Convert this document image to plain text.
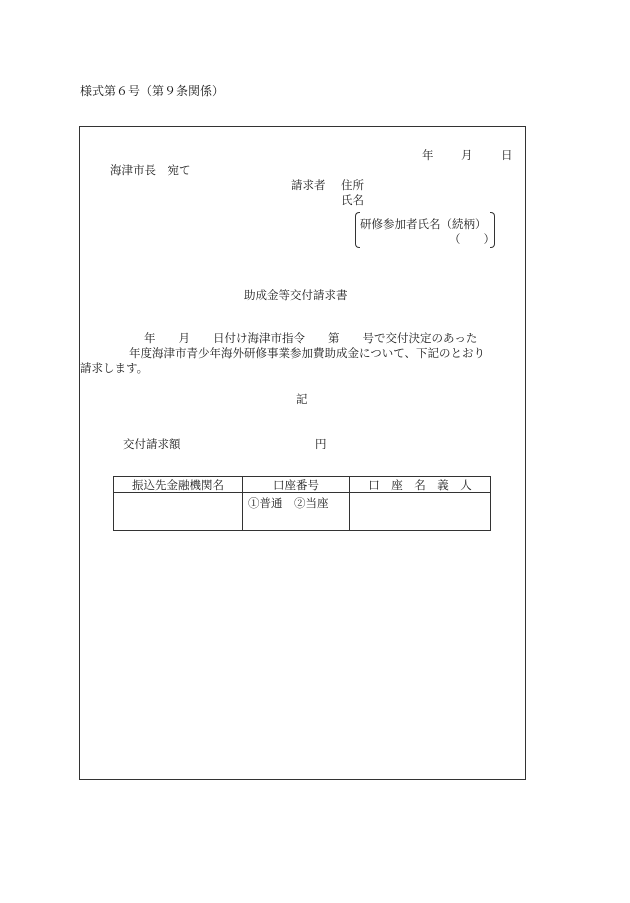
様式第６号（第９条関係）
年 月 日
海津市長　宛て
請求者 住所
氏名
研修参加者氏名（続柄）
（　　）
助成金等交付請求書
年　　月　　日付け海津市指令　　第　　号で交付決定のあった
年度海津市青少年海外研修事業参加費助成金について、下記のとおり
請求します。
記
交付請求額	円
振込先金融機関名	口座番号	口　座　名　義　人
	①普通　②当座	
